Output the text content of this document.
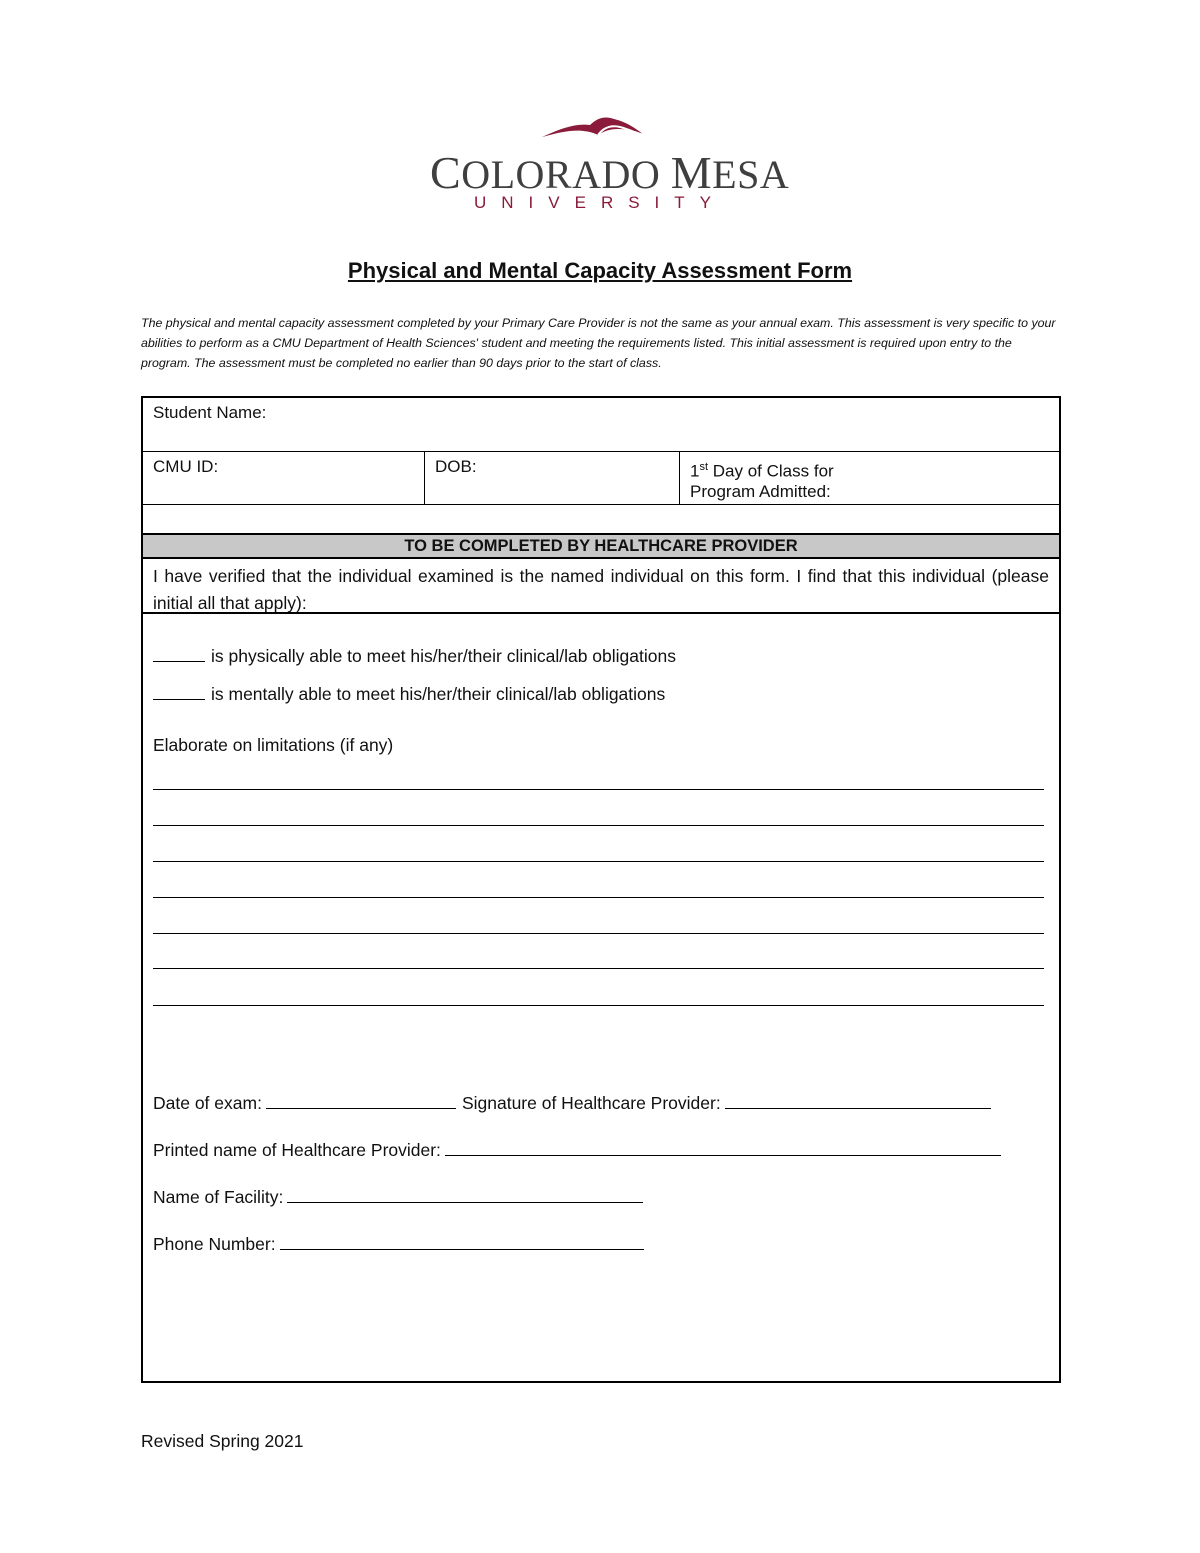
COLORADO MESA
UNIVERSITY
Physical and Mental Capacity Assessment Form
The physical and mental capacity assessment completed by your Primary Care Provider is not the same as your annual exam. This assessment is very specific to your abilities to perform as a CMU Department of Health Sciences' student and meeting the requirements listed. This initial assessment is required upon entry to the program. The assessment must be completed no earlier than 90 days prior to the start of class.
Student Name:
CMU ID:	DOB:	1st Day of Class for
Program Admitted:
TO BE COMPLETED BY HEALTHCARE PROVIDER
I have verified that the individual examined is the named individual on this form. I find that this individual (please initial all that apply):
is physically able to meet his/her/their clinical/lab obligations
is mentally able to meet his/her/their clinical/lab obligations
Elaborate on limitations (if any)
Date of exam:	Signature of Healthcare Provider:
Printed name of Healthcare Provider:
Name of Facility:
Phone Number:
Revised Spring 2021
